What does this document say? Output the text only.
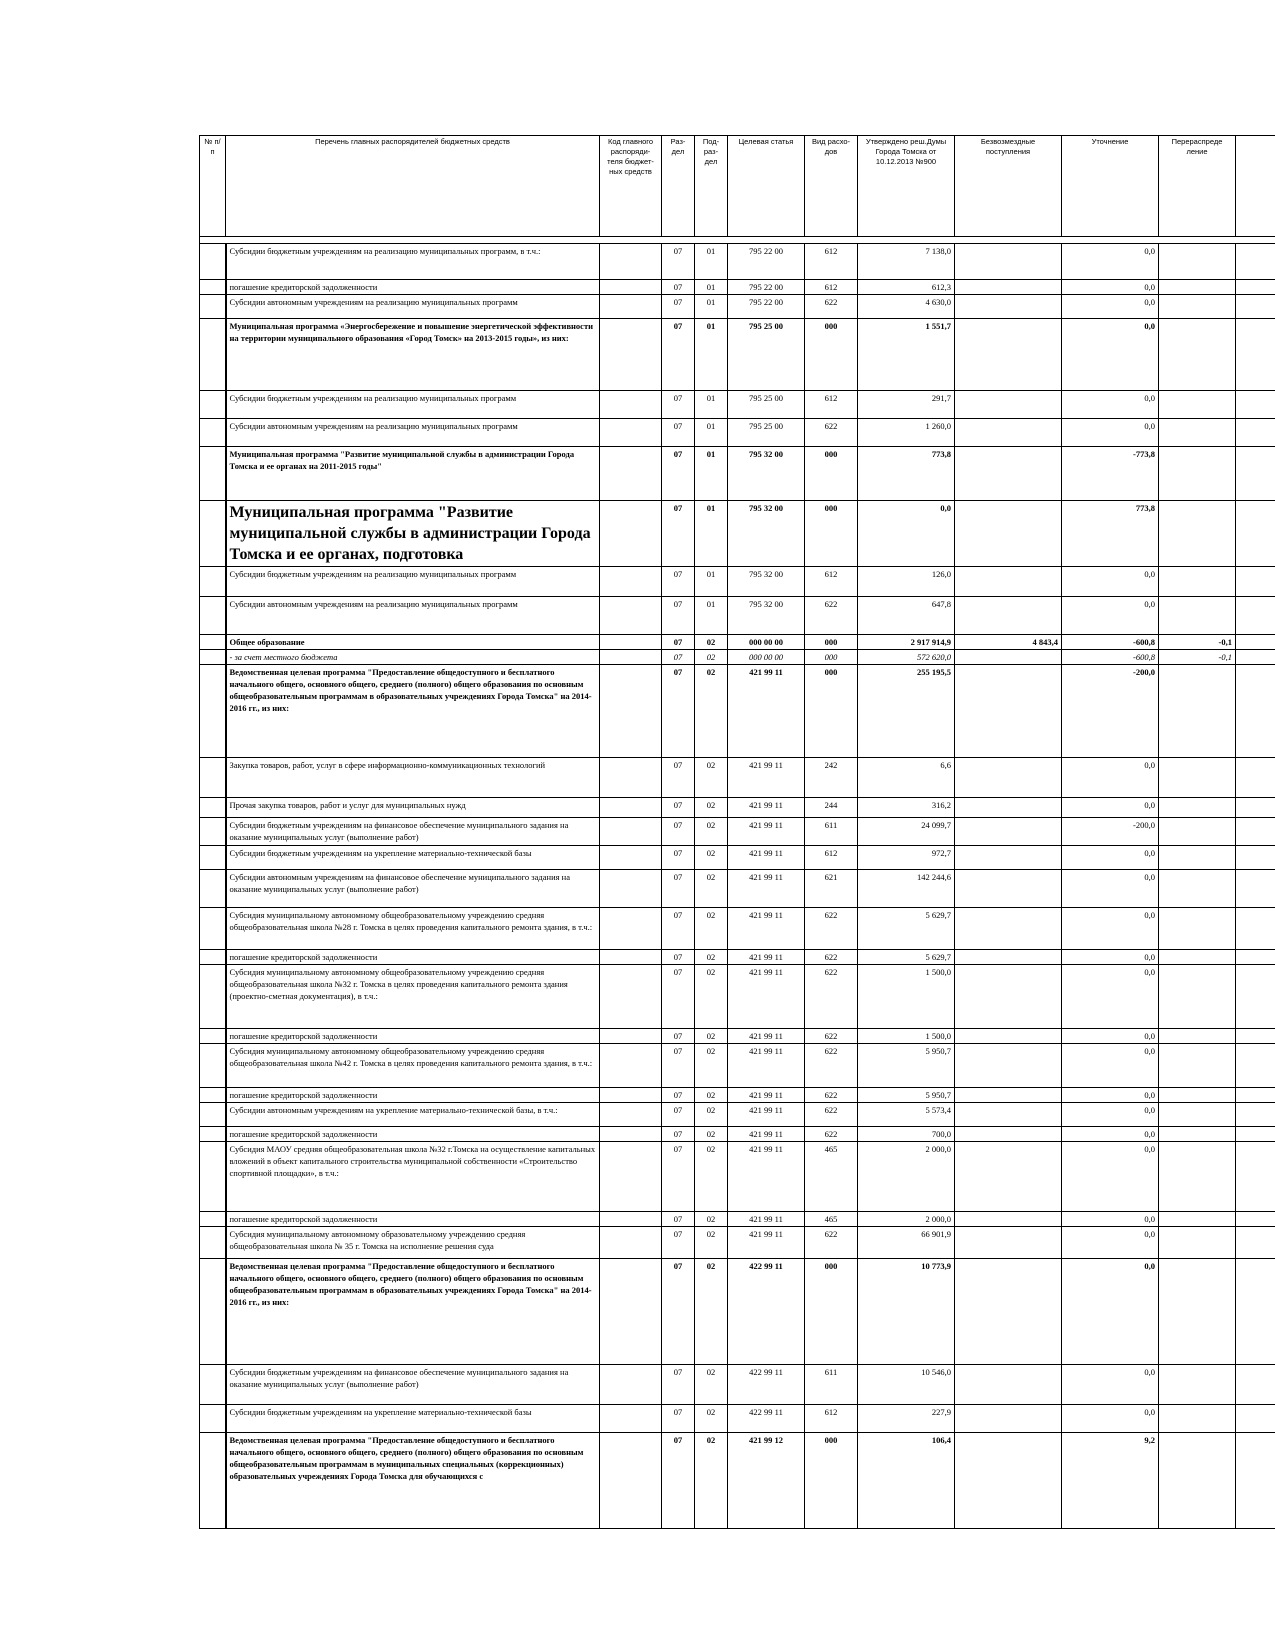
№ п/п	Перечень главных распорядителей бюджетных средств	Код главного распоряди-теля бюджет-ных средств	Раз-дел	Под-раз-дел	Целевая статья	Вид расхо-дов	Утверждено реш.Думы Города Томска от 10.12.2013 №900	Безвозмездные поступления	Уточнение	Перераспреде ление	

	Субсидии бюджетным учреждениям на реализацию муниципальных программ, в т.ч.:		07	01	795 22 00	612	7 138,0		0,0		
	погашение кредиторской задолженности		07	01	795 22 00	612	612,3		0,0		
	Субсидии автономным учреждениям на реализацию муниципальных программ		07	01	795 22 00	622	4 630,0		0,0		
	Муниципальная программа «Энергосбережение и повышение энергетической эффективности на территории муниципального образования «Город Томск» на 2013-2015 годы», из них:		07	01	795 25 00	000	1 551,7		0,0		
	Субсидии бюджетным учреждениям на реализацию муниципальных программ		07	01	795 25 00	612	291,7		0,0		
	Субсидии автономным учреждениям на реализацию муниципальных программ		07	01	795 25 00	622	1 260,0		0,0		
	Муниципальная программа "Развитие муниципальной службы в администрации Города Томска и ее органах на 2011-2015 годы"		07	01	795 32 00	000	773,8		-773,8		
	Муниципальная программа "Развитие муниципальной службы в администрации Города Томска и ее органах, подготовка		07	01	795 32 00	000	0,0		773,8		
	Субсидии бюджетным учреждениям на реализацию муниципальных программ		07	01	795 32 00	612	126,0		0,0		
	Субсидии автономным учреждениям на реализацию муниципальных программ		07	01	795 32 00	622	647,8		0,0		
	Общее образование		07	02	000 00 00	000	2 917 914,9	4 843,4	-600,8	-0,1	
	- за счет местного бюджета		07	02	000 00 00	000	572 620,0		-600,8	-0,1	
	Ведомственная целевая программа "Предоставление общедоступного и бесплатного начального общего, основного общего, среднего (полного) общего образования по основным общеобразовательным программам в образовательных учреждениях Города Томска" на 2014-2016 гг., из них:		07	02	421 99 11	000	255 195,5		-200,0		
	Закупка товаров, работ, услуг в сфере информационно-коммуникационных технологий		07	02	421 99 11	242	6,6		0,0		
	Прочая закупка товаров, работ и услуг для муниципальных нужд		07	02	421 99 11	244	316,2		0,0		
	Субсидии бюджетным учреждениям на финансовое обеспечение муниципального задания на оказание муниципальных услуг (выполнение работ)		07	02	421 99 11	611	24 099,7		-200,0		
	Субсидии бюджетным учреждениям на укрепление материально-технической базы		07	02	421 99 11	612	972,7		0,0		
	Субсидии автономным учреждениям на финансовое обеспечение муниципального задания на оказание муниципальных услуг (выполнение работ)		07	02	421 99 11	621	142 244,6		0,0		
	Субсидия муниципальному автономному общеобразовательному учреждению средняя общеобразовательная школа №28 г. Томска в целях проведения капитального ремонта здания, в т.ч.:		07	02	421 99 11	622	5 629,7		0,0		
	погашение кредиторской задолженности		07	02	421 99 11	622	5 629,7		0,0		
	Субсидия муниципальному автономному общеобразовательному учреждению средняя общеобразовательная школа №32 г. Томска в целях проведения капитального ремонта здания (проектно-сметная документация), в т.ч.:		07	02	421 99 11	622	1 500,0		0,0		
	погашение кредиторской задолженности		07	02	421 99 11	622	1 500,0		0,0		
	Субсидия муниципальному автономному общеобразовательному учреждению средняя общеобразовательная школа №42 г. Томска в целях проведения капитального ремонта здания, в т.ч.:		07	02	421 99 11	622	5 950,7		0,0		
	погашение кредиторской задолженности		07	02	421 99 11	622	5 950,7		0,0		
	Субсидии автономным учреждениям на укрепление материально-технической базы, в т.ч.:		07	02	421 99 11	622	5 573,4		0,0		
	погашение кредиторской задолженности		07	02	421 99 11	622	700,0		0,0		
	Субсидия МАОУ средняя общеобразовательная школа №32 г.Томска на осуществление капитальных вложений в объект капитального строительства муниципальной собственности «Строительство спортивной площадки», в т.ч.:		07	02	421 99 11	465	2 000,0		0,0		
	погашение кредиторской задолженности		07	02	421 99 11	465	2 000,0		0,0		
	Субсидия муниципальному автономному образовательному учреждению средняя общеобразовательная школа № 35 г. Томска на исполнение решения суда		07	02	421 99 11	622	66 901,9		0,0		
	Ведомственная целевая программа "Предоставление общедоступного и бесплатного начального общего, основного общего, среднего (полного) общего образования по основным общеобразовательным программам в образовательных учреждениях Города Томска" на 2014-2016 гг., из них:		07	02	422 99 11	000	10 773,9		0,0		
	Субсидии бюджетным учреждениям на финансовое обеспечение муниципального задания на оказание муниципальных услуг (выполнение работ)		07	02	422 99 11	611	10 546,0		0,0		
	Субсидии бюджетным учреждениям на укрепление материально-технической базы		07	02	422 99 11	612	227,9		0,0		
	Ведомственная целевая программа "Предоставление общедоступного и бесплатного начального общего, основного общего, среднего (полного) общего образования по основным общеобразовательным программам в муниципальных специальных (коррекционных) образовательных учреждениях Города Томска для обучающихся с		07	02	421 99 12	000	106,4		9,2		
